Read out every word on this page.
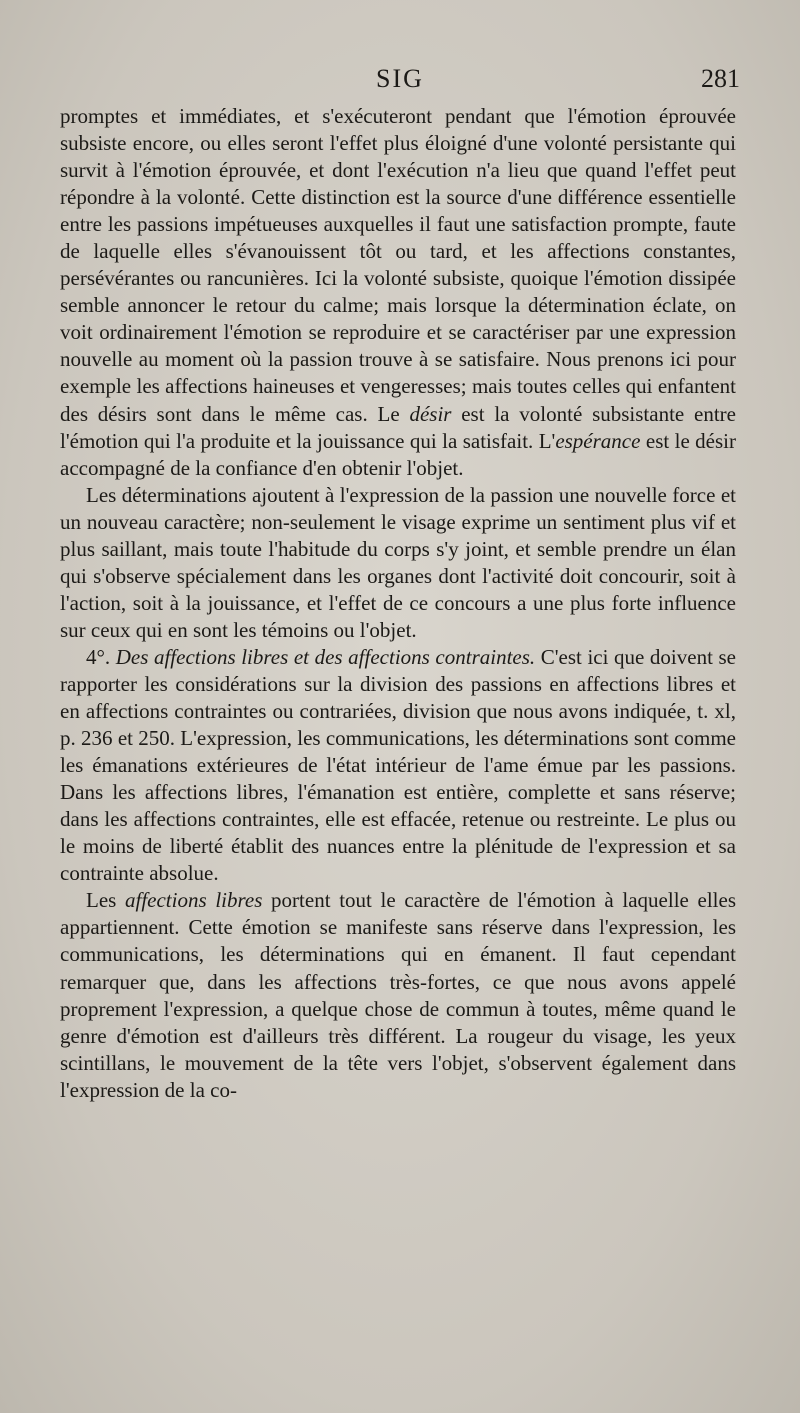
SIG	281

promptes et immédiates, et s'exécuteront pendant que l'émotion éprouvée subsiste encore, ou elles seront l'effet plus éloigné d'une volonté persistante qui survit à l'émotion éprouvée, et dont l'exécution n'a lieu que quand l'effet peut répondre à la volonté. Cette distinction est la source d'une différence essentielle entre les passions impétueuses auxquelles il faut une satisfaction prompte, faute de laquelle elles s'évanouissent tôt ou tard, et les affections constantes, persévérantes ou rancunières. Ici la volonté subsiste, quoique l'émotion dissipée semble annoncer le retour du calme; mais lorsque la détermination éclate, on voit ordinairement l'émotion se reproduire et se caractériser par une expression nouvelle au moment où la passion trouve à se satisfaire. Nous prenons ici pour exemple les affections haineuses et vengeresses; mais toutes celles qui enfantent des désirs sont dans le même cas. Le désir est la volonté subsistante entre l'émotion qui l'a produite et la jouissance qui la satisfait. L'espérance est le désir accompagné de la confiance d'en obtenir l'objet.

Les déterminations ajoutent à l'expression de la passion une nouvelle force et un nouveau caractère; non-seulement le visage exprime un sentiment plus vif et plus saillant, mais toute l'habitude du corps s'y joint, et semble prendre un élan qui s'observe spécialement dans les organes dont l'activité doit concourir, soit à l'action, soit à la jouissance, et l'effet de ce concours a une plus forte influence sur ceux qui en sont les témoins ou l'objet.

4°. Des affections libres et des affections contraintes. C'est ici que doivent se rapporter les considérations sur la division des passions en affections libres et en affections contraintes ou contrariées, division que nous avons indiquée, t. xl, p. 236 et 250. L'expression, les communications, les déterminations sont comme les émanations extérieures de l'état intérieur de l'ame émue par les passions. Dans les affections libres, l'émanation est entière, complette et sans réserve; dans les affections contraintes, elle est effacée, retenue ou restreinte. Le plus ou le moins de liberté établit des nuances entre la plénitude de l'expression et sa contrainte absolue.

Les affections libres portent tout le caractère de l'émotion à laquelle elles appartiennent. Cette émotion se manifeste sans réserve dans l'expression, les communications, les déterminations qui en émanent. Il faut cependant remarquer que, dans les affections très-fortes, ce que nous avons appelé proprement l'expression, a quelque chose de commun à toutes, même quand le genre d'émotion est d'ailleurs très différent. La rougeur du visage, les yeux scintillans, le mouvement de la tête vers l'objet, s'observent également dans l'expression de la co-
